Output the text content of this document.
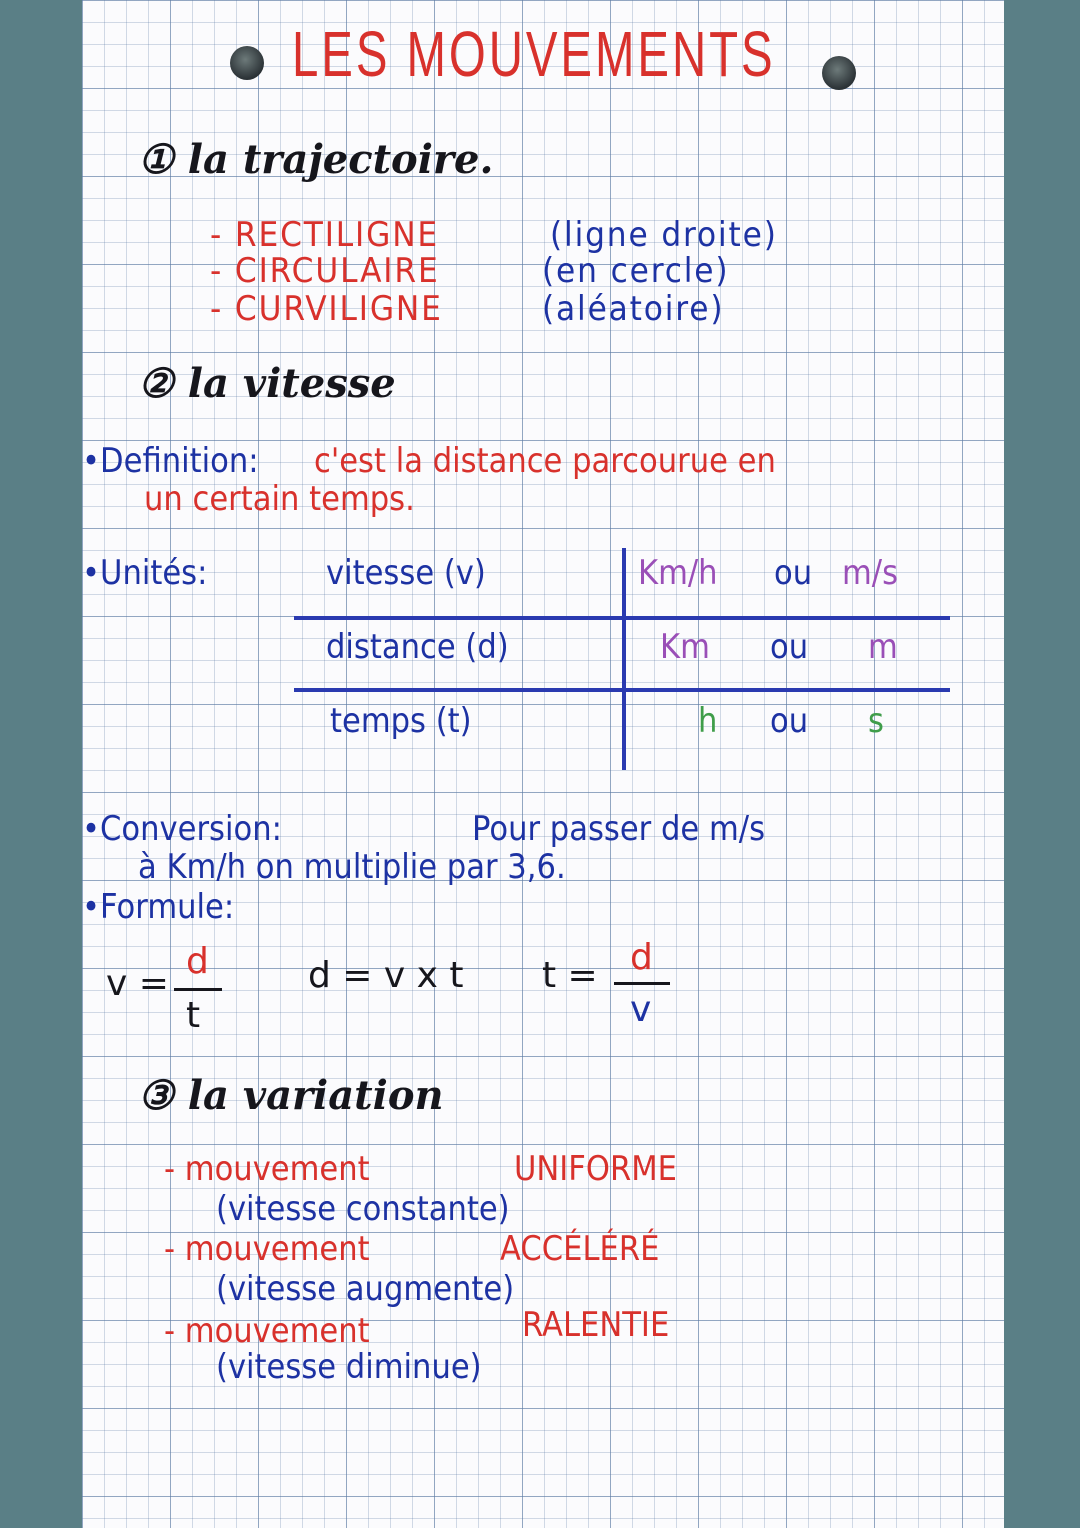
LES MOUVEMENTS
① la trajectoire.
- RECTILIGNE	(ligne droite)
- CIRCULAIRE	(en cercle)
- CURVILIGNE	(aléatoire)
② la vitesse
•Definition: c'est la distance parcourue en
un certain temps.
•Unités:	vitesse (v)	Km/h ou m/s
distance (d)	Km ou m
temps (t)	h ou s
•Conversion:	Pour passer de m/s
à Km/h on multiplie par 3,6.
•Formule:
v =
d
t
d = v x t t = d
v
③ la variation
- mouvement	UNIFORME
(vitesse constante)
- mouvement	ACCÉLÉRÉ
(vitesse augmente)
- mouvement	RALENTIE
(vitesse diminue)
